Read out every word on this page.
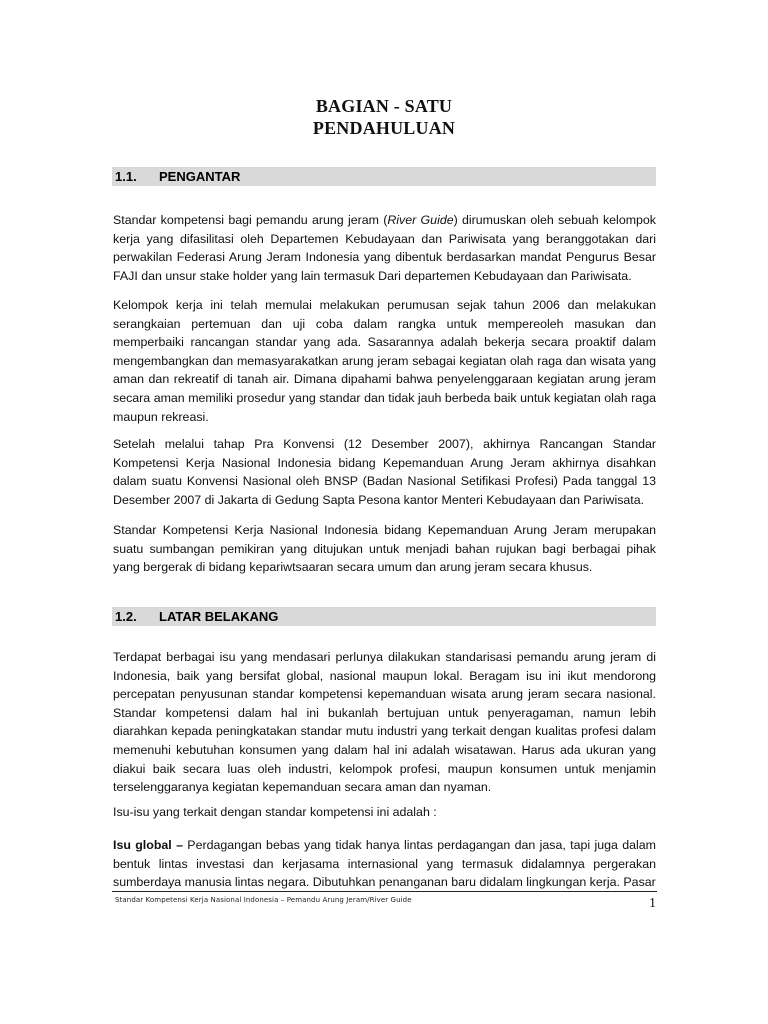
BAGIAN - SATU
PENDAHULUAN
1.1. PENGANTAR

Standar kompetensi bagi pemandu arung jeram (River Guide) dirumuskan oleh sebuah kelompok kerja yang difasilitasi oleh Departemen Kebudayaan dan Pariwisata yang beranggotakan dari perwakilan Federasi Arung Jeram Indonesia yang dibentuk berdasarkan mandat Pengurus Besar FAJI dan unsur stake holder yang lain termasuk Dari departemen Kebudayaan dan Pariwisata.

Kelompok kerja ini telah memulai melakukan perumusan sejak tahun 2006 dan melakukan serangkaian pertemuan dan uji coba dalam rangka untuk mempereoleh masukan dan memperbaiki rancangan standar yang ada. Sasarannya adalah bekerja secara proaktif dalam mengembangkan dan memasyarakatkan arung jeram sebagai kegiatan olah raga dan wisata yang aman dan rekreatif di tanah air. Dimana dipahami bahwa penyelenggaraan kegiatan arung jeram secara aman memiliki prosedur yang standar dan tidak jauh berbeda baik untuk kegiatan olah raga maupun rekreasi.

Setelah melalui tahap Pra Konvensi (12 Desember 2007), akhirnya Rancangan Standar Kompetensi Kerja Nasional Indonesia bidang Kepemanduan Arung Jeram akhirnya disahkan dalam suatu Konvensi Nasional oleh BNSP (Badan Nasional Setifikasi Profesi) Pada tanggal 13 Desember 2007 di Jakarta di Gedung Sapta Pesona kantor Menteri Kebudayaan dan Pariwisata.

Standar Kompetensi Kerja Nasional Indonesia bidang Kepemanduan Arung Jeram merupakan suatu sumbangan pemikiran yang ditujukan untuk menjadi bahan rujukan bagi berbagai pihak yang bergerak di bidang kepariwtsaaran secara umum dan arung jeram secara khusus.

1.2. LATAR BELAKANG

Terdapat berbagai isu yang mendasari perlunya dilakukan standarisasi pemandu arung jeram di Indonesia, baik yang bersifat global, nasional maupun lokal. Beragam isu ini ikut mendorong percepatan penyusunan standar kompetensi kepemanduan wisata arung jeram secara nasional. Standar kompetensi dalam hal ini bukanlah bertujuan untuk penyeragaman, namun lebih diarahkan kepada peningkatakan standar mutu industri yang terkait dengan kualitas profesi dalam memenuhi kebutuhan konsumen yang dalam hal ini adalah wisatawan. Harus ada ukuran yang diakui baik secara luas oleh industri, kelompok profesi, maupun konsumen untuk menjamin terselenggaranya kegiatan kepemanduan secara aman dan nyaman.

Isu-isu yang terkait dengan standar kompetensi ini adalah :

Isu global – Perdagangan bebas yang tidak hanya lintas perdagangan dan jasa, tapi juga dalam bentuk lintas investasi dan kerjasama internasional yang termasuk didalamnya pergerakan sumberdaya manusia lintas negara. Dibutuhkan penanganan baru didalam lingkungan kerja. Pasar

Standar Kompetensi Kerja Nasional Indonesia – Pemandu Arung Jeram/River Guide	1
